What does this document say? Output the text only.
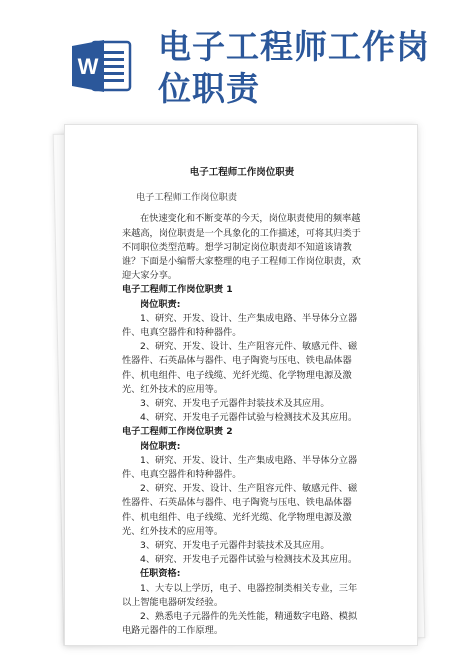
W
电子工程师工作岗
位职责

电子工程师工作岗位职责

电子工程师工作岗位职责

在快速变化和不断变革的今天，岗位职责使用的频率越来越高，岗位职责是一个具象化的工作描述，可将其归类于不同职位类型范畴。想学习制定岗位职责却不知道该请教谁？下面是小编帮大家整理的电子工程师工作岗位职责，欢迎大家分享。

电子工程师工作岗位职责 1

岗位职责:

1、研究、开发、设计、生产集成电路、半导体分立器件、电真空器件和特种器件。

2、研究、开发、设计、生产阻容元件、敏感元件、磁性器件、石英晶体与器件、电子陶瓷与压电、铁电晶体器件、机电组件、电子线缆、光纤光缆、化学物理电源及激光、红外技术的应用等。

3、研究、开发电子元器件封装技术及其应用。

4、研究、开发电子元器件试验与检测技术及其应用。

电子工程师工作岗位职责 2

岗位职责:

1、研究、开发、设计、生产集成电路、半导体分立器件、电真空器件和特种器件。

2、研究、开发、设计、生产阻容元件、敏感元件、磁性器件、石英晶体与器件、电子陶瓷与压电、铁电晶体器件、机电组件、电子线缆、光纤光缆、化学物理电源及激光、红外技术的应用等。

3、研究、开发电子元器件封装技术及其应用。

4、研究、开发电子元器件试验与检测技术及其应用。

任职资格:

1、大专以上学历，电子、电器控制类相关专业，三年以上智能电器研发经验。

2、熟悉电子元器件的先关性能，精通数字电路、模拟电路元器件的工作原理。
